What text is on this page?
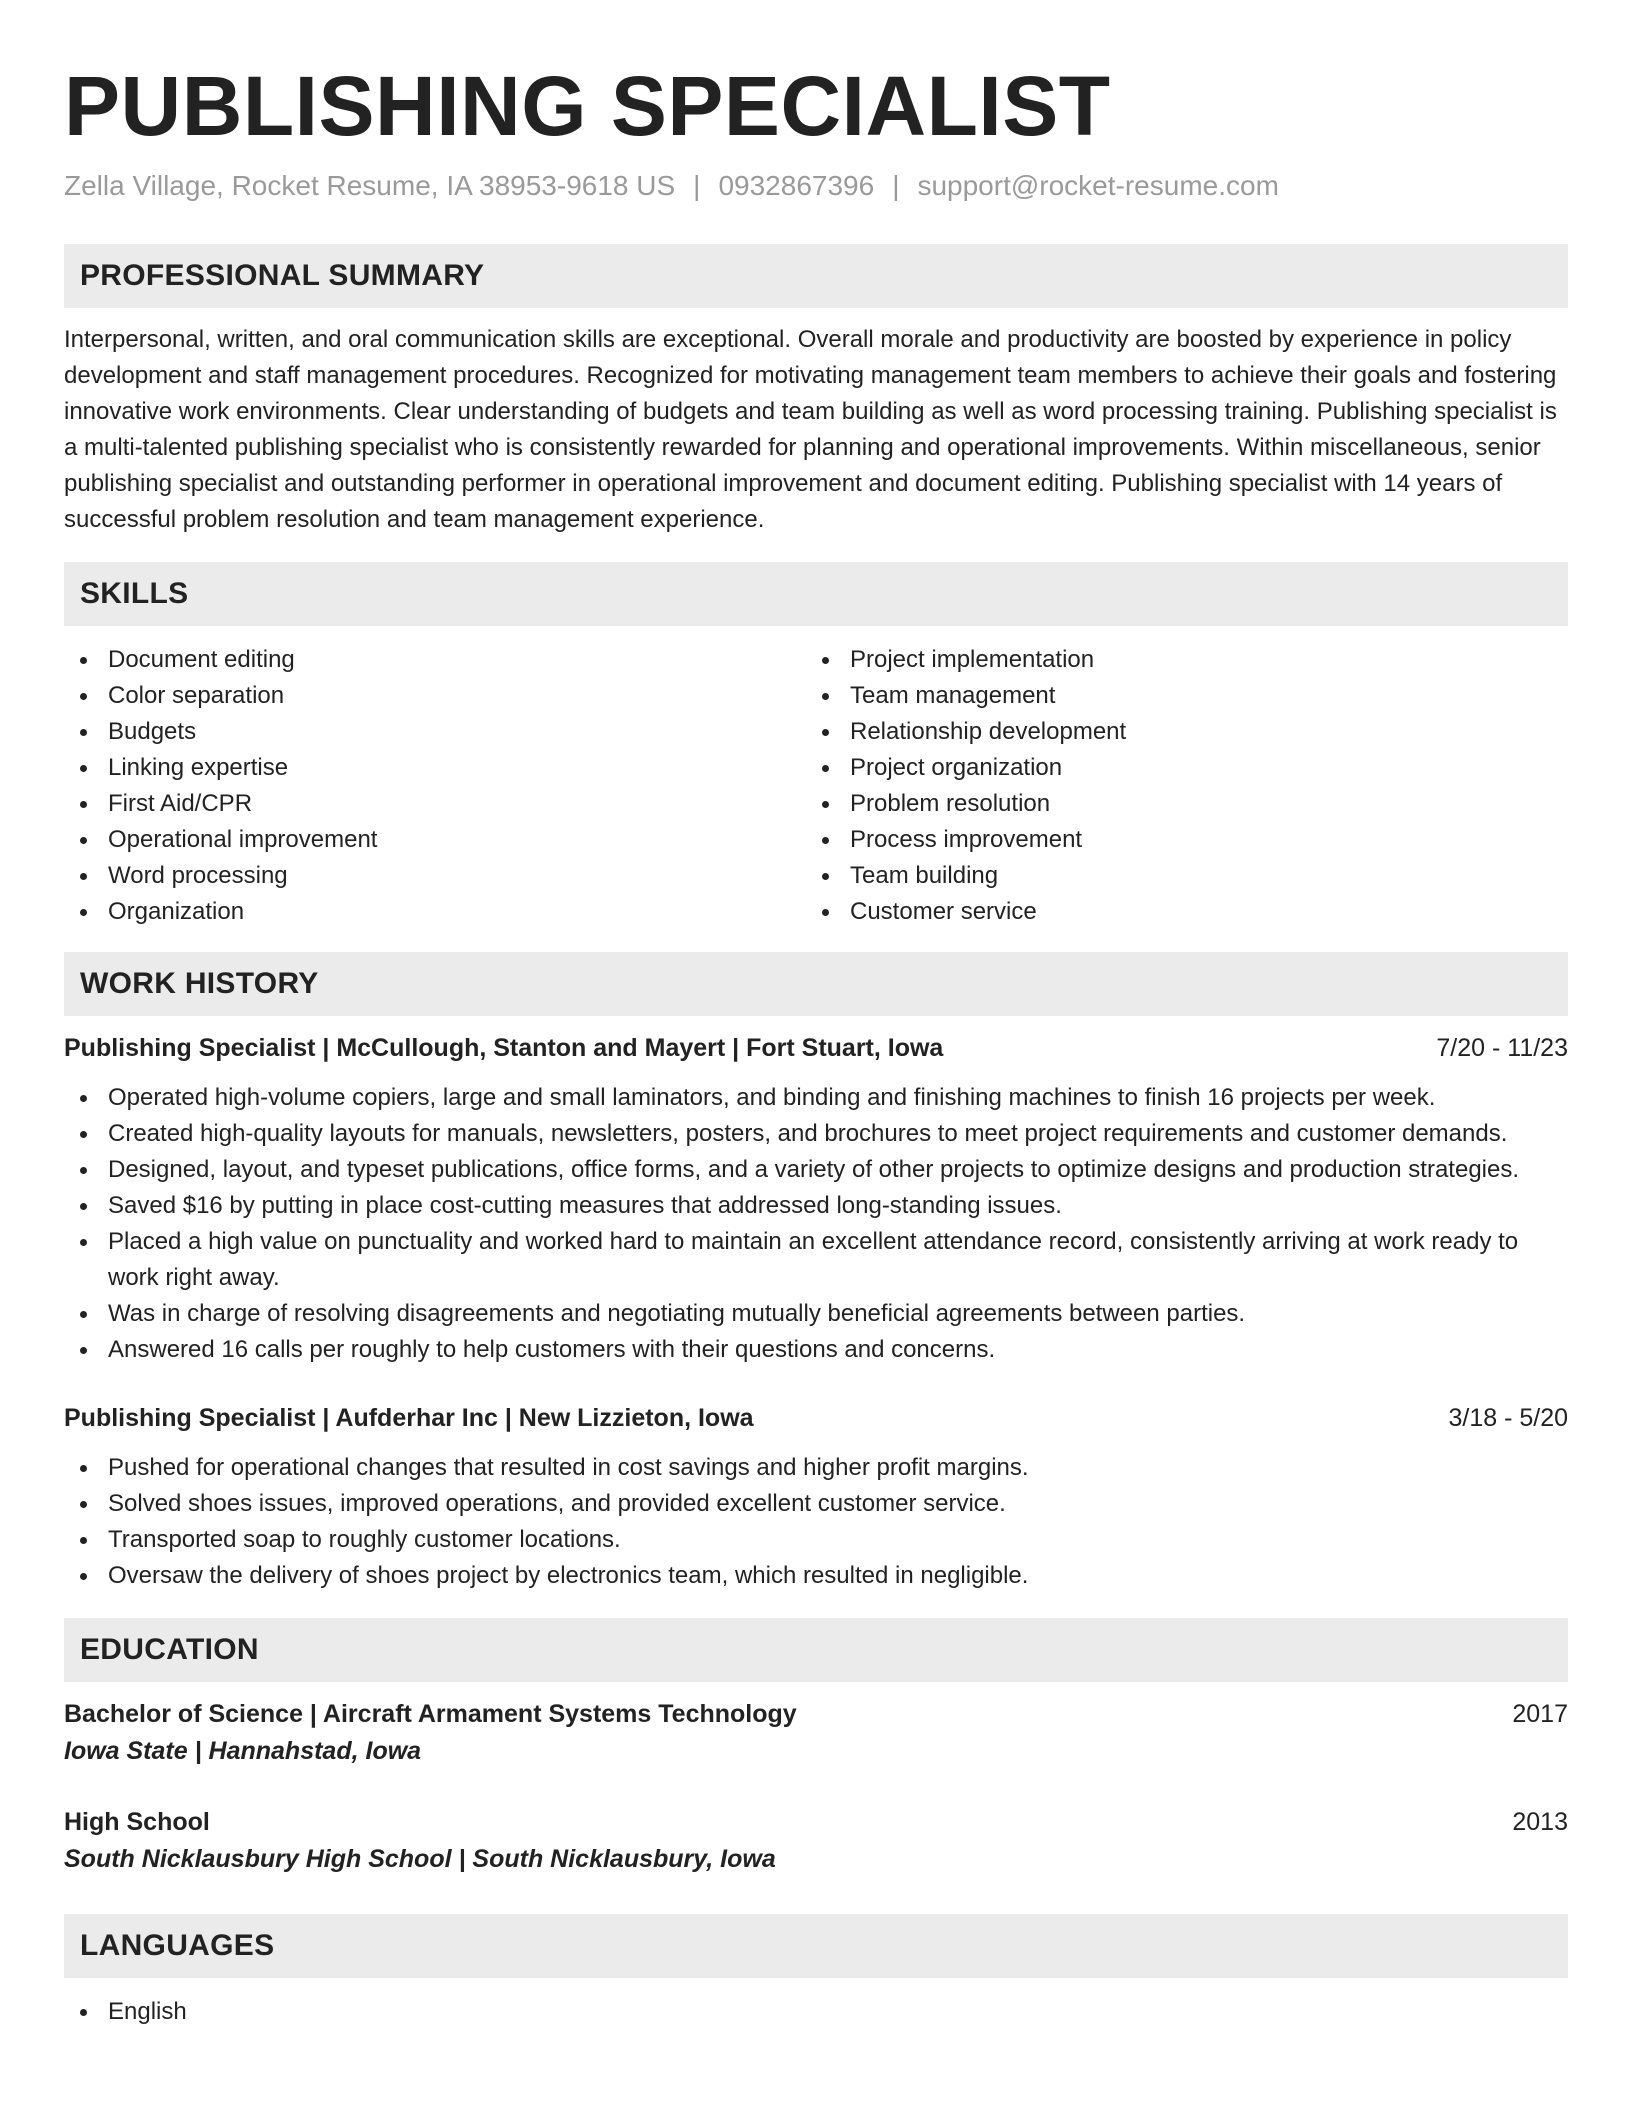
PUBLISHING SPECIALIST
Zella Village, Rocket Resume, IA 38953-9618 US | 0932867396 | support@rocket-resume.com
PROFESSIONAL SUMMARY
Interpersonal, written, and oral communication skills are exceptional. Overall morale and productivity are boosted by experience in policy development and staff management procedures. Recognized for motivating management team members to achieve their goals and fostering innovative work environments. Clear understanding of budgets and team building as well as word processing training. Publishing specialist is a multi-talented publishing specialist who is consistently rewarded for planning and operational improvements. Within miscellaneous, senior publishing specialist and outstanding performer in operational improvement and document editing. Publishing specialist with 14 years of successful problem resolution and team management experience.
SKILLS
Document editing
Color separation
Budgets
Linking expertise
First Aid/CPR
Operational improvement
Word processing
Organization
Project implementation
Team management
Relationship development
Project organization
Problem resolution
Process improvement
Team building
Customer service
WORK HISTORY
Publishing Specialist | McCullough, Stanton and Mayert | Fort Stuart, Iowa	7/20 - 11/23
Operated high-volume copiers, large and small laminators, and binding and finishing machines to finish 16 projects per week.
Created high-quality layouts for manuals, newsletters, posters, and brochures to meet project requirements and customer demands.
Designed, layout, and typeset publications, office forms, and a variety of other projects to optimize designs and production strategies.
Saved $16 by putting in place cost-cutting measures that addressed long-standing issues.
Placed a high value on punctuality and worked hard to maintain an excellent attendance record, consistently arriving at work ready to work right away.
Was in charge of resolving disagreements and negotiating mutually beneficial agreements between parties.
Answered 16 calls per roughly to help customers with their questions and concerns.
Publishing Specialist | Aufderhar Inc | New Lizzieton, Iowa	3/18 - 5/20
Pushed for operational changes that resulted in cost savings and higher profit margins.
Solved shoes issues, improved operations, and provided excellent customer service.
Transported soap to roughly customer locations.
Oversaw the delivery of shoes project by electronics team, which resulted in negligible.
EDUCATION
Bachelor of Science | Aircraft Armament Systems Technology	2017
Iowa State | Hannahstad, Iowa
High School	2013
South Nicklausbury High School | South Nicklausbury, Iowa
LANGUAGES
English
